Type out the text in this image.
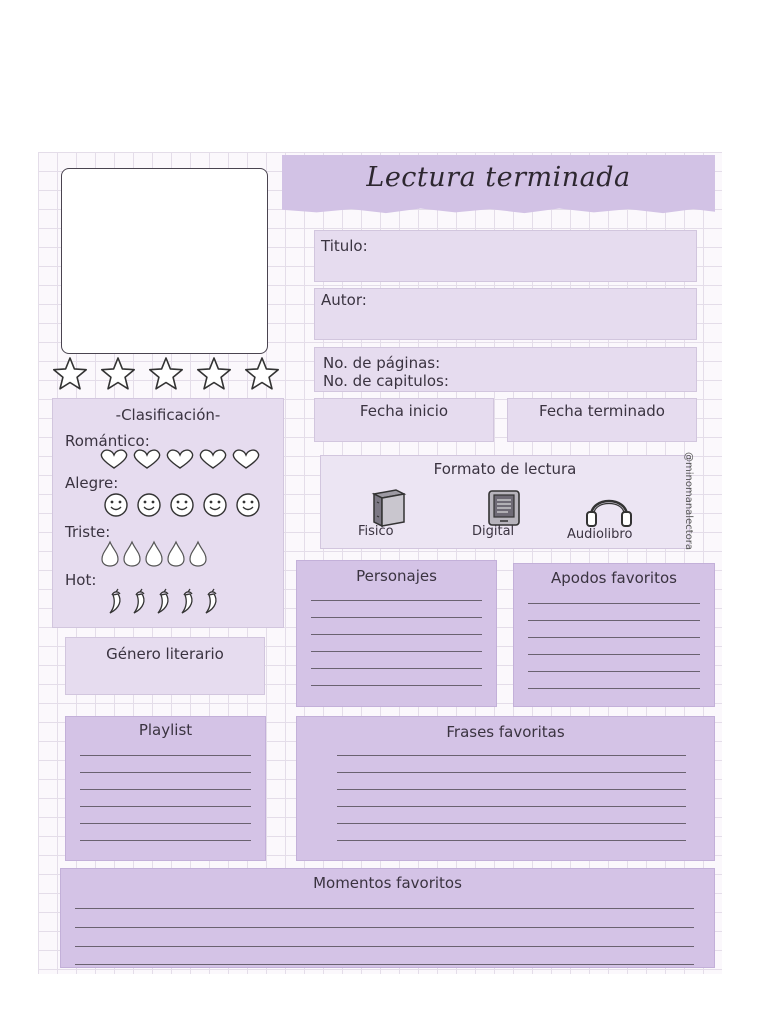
Lectura terminada
Titulo:
Autor:
No. de páginas:
No. de capitulos:
Fecha inicio	Fecha terminado
Formato de lectura
Fisico	Digital	Audiolibro	@minomanalectora
-Clasificación-
Romántico:
Alegre:
Triste:
Hot:
Género literario
Personajes	Apodos favoritos
Playlist	Frases favoritas
Momentos favoritos
